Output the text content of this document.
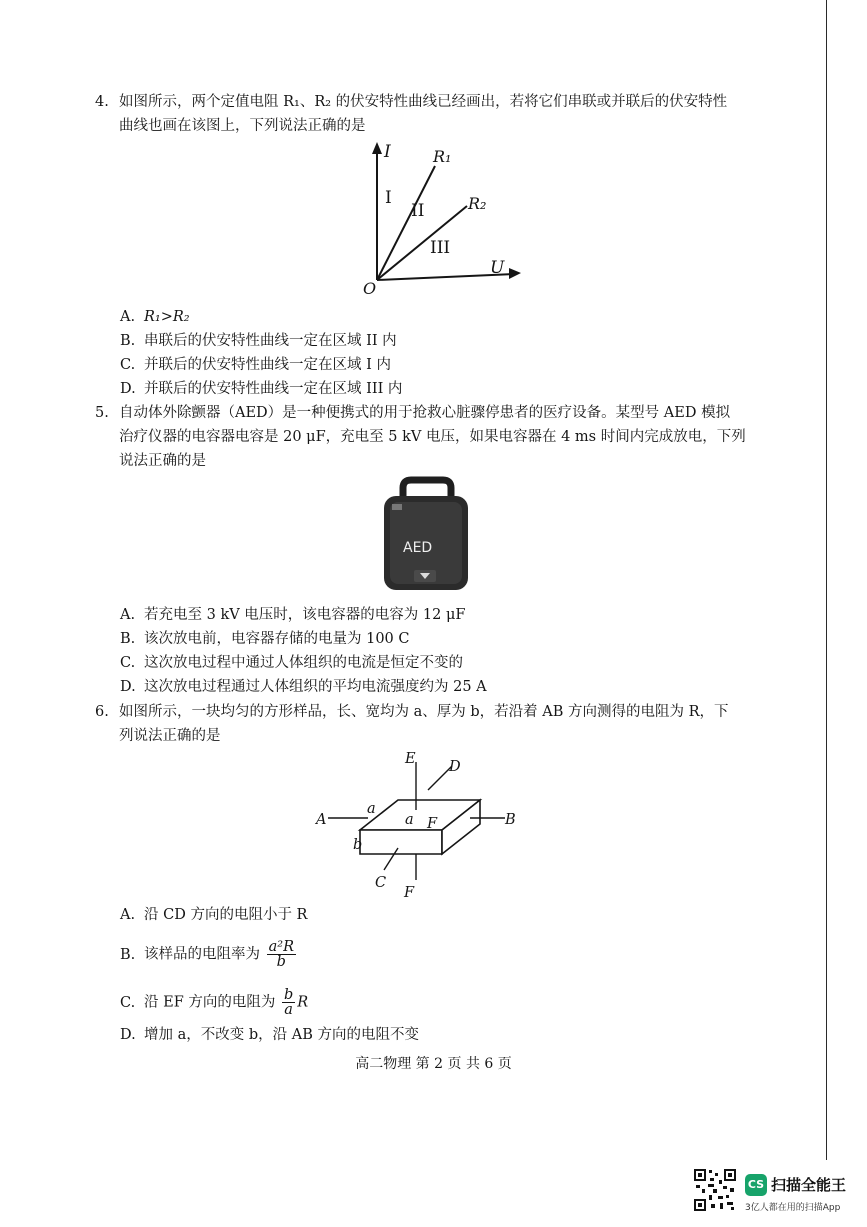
4. 如图所示，两个定值电阻 R₁、R₂ 的伏安特性曲线已经画出，若将它们串联或并联后的伏安特性
曲线也画在该图上，下列说法正确的是
I
U
O
R₁
R₂
I
II
III
A. R₁>R₂
B. 串联后的伏安特性曲线一定在区域 II 内
C. 并联后的伏安特性曲线一定在区域 I 内
D. 并联后的伏安特性曲线一定在区域 III 内
5. 自动体外除颤器（AED）是一种便携式的用于抢救心脏骤停患者的医疗设备。某型号 AED 模拟
治疗仪器的电容器电容是 20 μF，充电至 5 kV 电压，如果电容器在 4 ms 时间内完成放电，下列
说法正确的是
AED
A. 若充电至 3 kV 电压时，该电容器的电容为 12 μF
B. 该次放电前，电容器存储的电量为 100 C
C. 这次放电过程中通过人体组织的电流是恒定不变的
D. 这次放电过程通过人体组织的平均电流强度约为 25 A
6. 如图所示，一块均匀的方形样品，长、宽均为 a、厚为 b，若沿着 AB 方向测得的电阻为 R，下
列说法正确的是
A	B
C
D
E
F
F
a
a
b
A. 沿 CD 方向的电阻小于 R
B. 该样品的电阻率为 $\frac{\text{a²R}}{b}$
C. 沿 EF 方向的电阻为 $\frac{b}{a}$ R
D. 增加 a，不改变 b，沿 AB 方向的电阻不变
高二物理 第 2 页 共 6 页
CS 扫描全能王
3亿人都在用的扫描App
